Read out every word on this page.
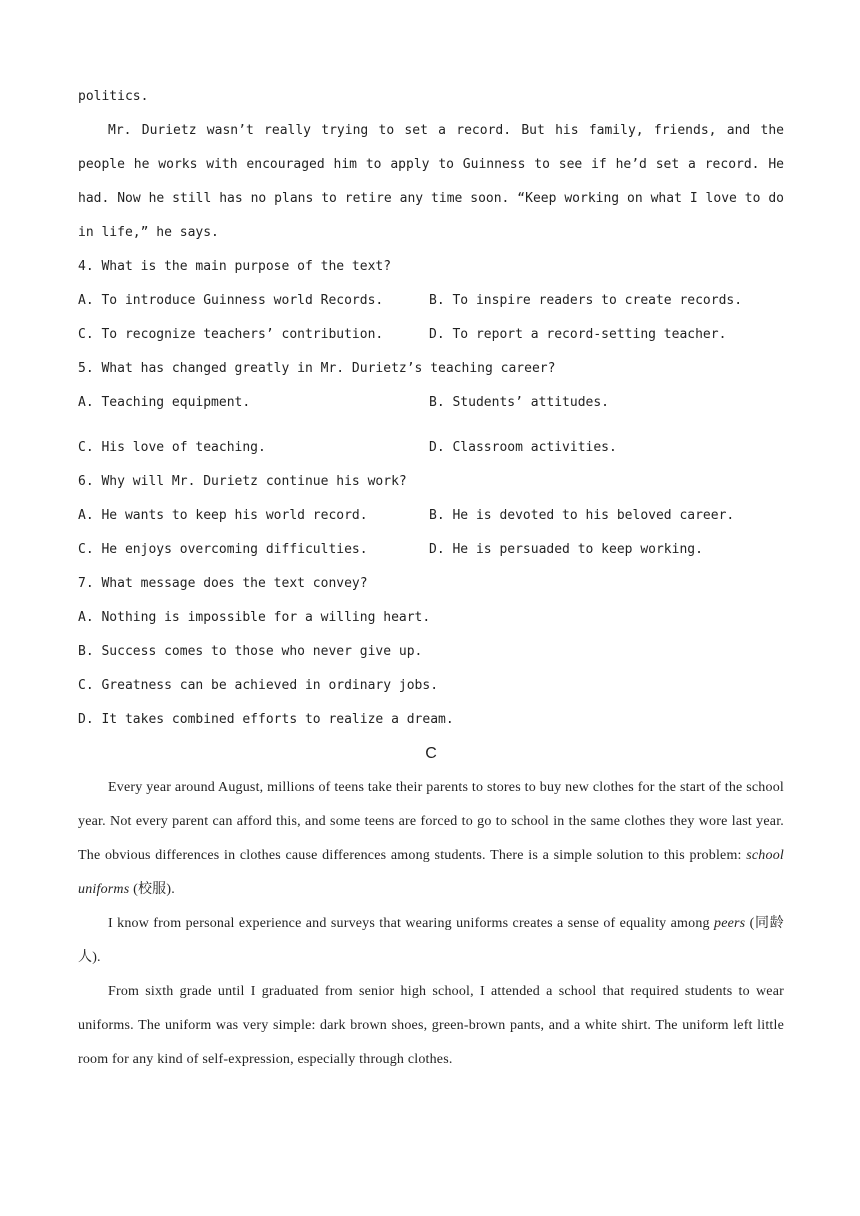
politics.

Mr. Durietz wasn’t really trying to set a record. But his family, friends, and the people he works with encouraged him to apply to Guinness to see if he’d set a record. He had. Now he still has no plans to retire any time soon. “Keep working on what I love to do in life,” he says.

4. What is the main purpose of the text?

A. To introduce Guinness world Records.	B. To inspire readers to create records.
C. To recognize teachers’ contribution.	D. To report a record-setting teacher.

5. What has changed greatly in Mr. Durietz’s teaching career?

A. Teaching equipment.	B. Students’ attitudes.
C. His love of teaching.	D. Classroom activities.

6. Why will Mr. Durietz continue his work?

A. He wants to keep his world record.	B. He is devoted to his beloved career.
C. He enjoys overcoming difficulties.	D. He is persuaded to keep working.

7. What message does the text convey?

A. Nothing is impossible for a willing heart.

B. Success comes to those who never give up.

C. Greatness can be achieved in ordinary jobs.

D. It takes combined efforts to realize a dream.

C

Every year around August, millions of teens take their parents to stores to buy new clothes for the start of the school year. Not every parent can afford this, and some teens are forced to go to school in the same clothes they wore last year. The obvious differences in clothes cause differences among students. There is a simple solution to this problem: school uniforms (校服).

I know from personal experience and surveys that wearing uniforms creates a sense of equality among peers (同龄人).

From sixth grade until I graduated from senior high school, I attended a school that required students to wear uniforms. The uniform was very simple: dark brown shoes, green-brown pants, and a white shirt. The uniform left little room for any kind of self-expression, especially through clothes.
